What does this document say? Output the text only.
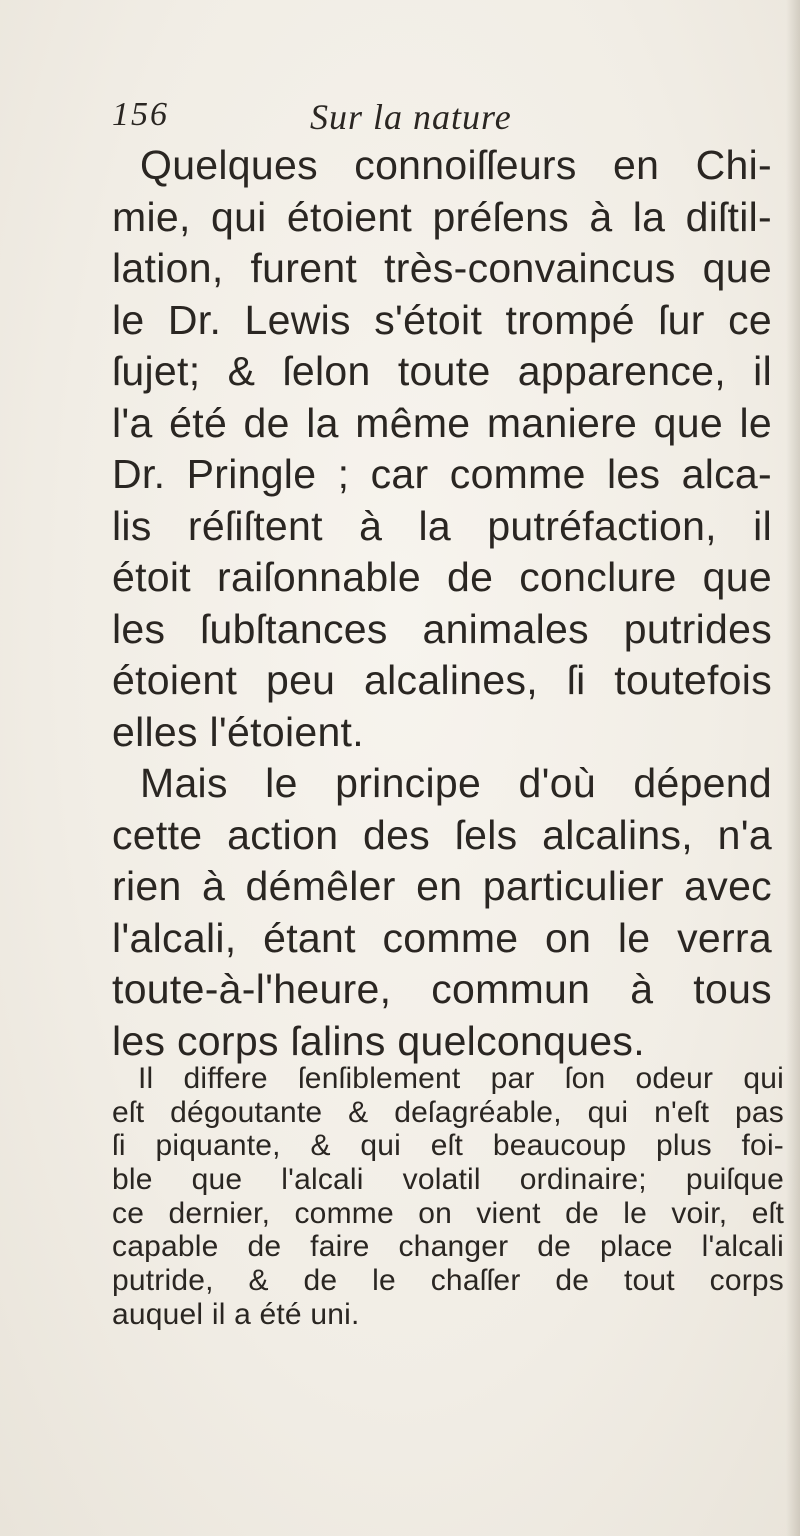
156	Sur la nature
Quelques connoiſſeurs en Chi-
mie, qui étoient préſens à la diſtil-
lation, furent très-convaincus que
le Dr. Lewis s'étoit trompé ſur ce
ſujet; & ſelon toute apparence, il
l'a été de la même maniere que le
Dr. Pringle ; car comme les alca-
lis réſiſtent à la putréfaction, il
étoit raiſonnable de conclure que
les ſubſtances animales putrides
étoient peu alcalines, ſi toutefois
elles l'étoient.
Mais le principe d'où dépend
cette action des ſels alcalins, n'a
rien à démêler en particulier avec
l'alcali, étant comme on le verra
toute-à-l'heure, commun à tous
les corps ſalins quelconques.
Il differe ſenſiblement par ſon odeur qui
eſt dégoutante & deſagréable, qui n'eſt pas
ſi piquante, & qui eſt beaucoup plus foi-
ble que l'alcali volatil ordinaire; puiſque
ce dernier, comme on vient de le voir, eſt
capable de faire changer de place l'alcali
putride, & de le chaſſer de tout corps
auquel il a été uni.
